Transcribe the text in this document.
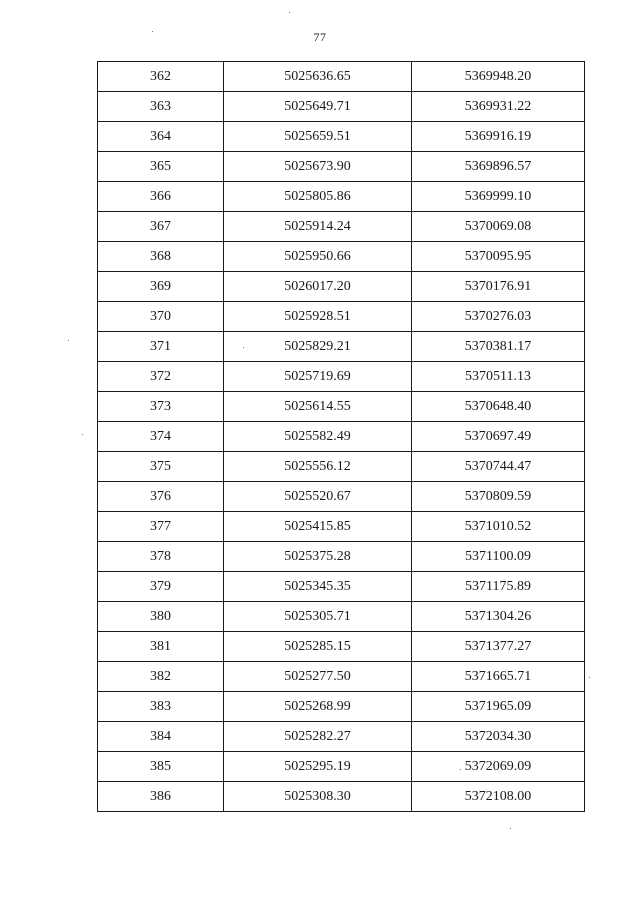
77
362	5025636.65	5369948.20
363	5025649.71	5369931.22
364	5025659.51	5369916.19
365	5025673.90	5369896.57
366	5025805.86	5369999.10
367	5025914.24	5370069.08
368	5025950.66	5370095.95
369	5026017.20	5370176.91
370	5025928.51	5370276.03
371	5025829.21	5370381.17
372	5025719.69	5370511.13
373	5025614.55	5370648.40
374	5025582.49	5370697.49
375	5025556.12	5370744.47
376	5025520.67	5370809.59
377	5025415.85	5371010.52
378	5025375.28	5371100.09
379	5025345.35	5371175.89
380	5025305.71	5371304.26
381	5025285.15	5371377.27
382	5025277.50	5371665.71
383	5025268.99	5371965.09
384	5025282.27	5372034.30
385	5025295.19	5372069.09
386	5025308.30	5372108.00
